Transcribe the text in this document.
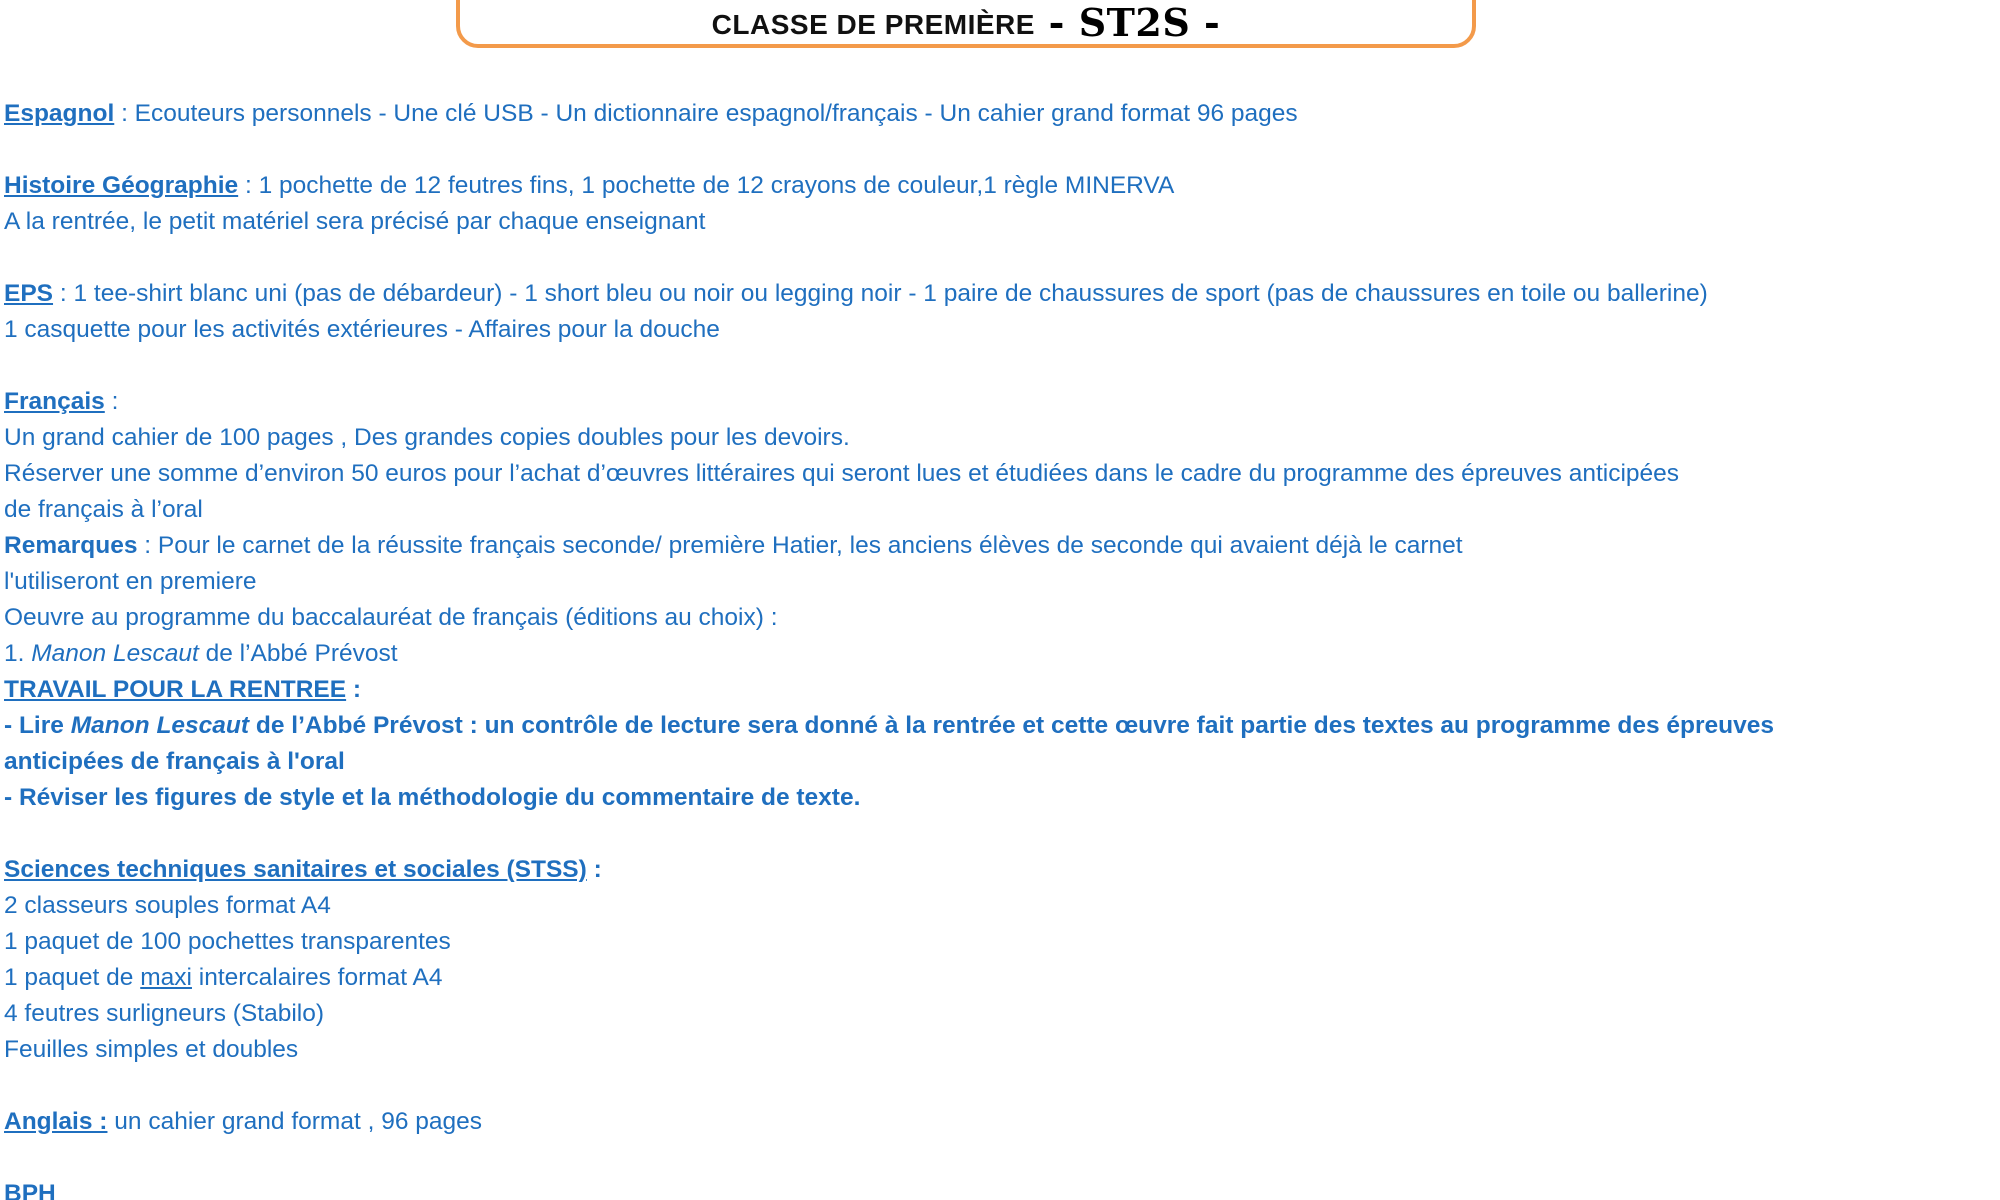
CLASSE DE PREMIÈRE - ST2S -
Espagnol : Ecouteurs personnels - Une clé USB - Un dictionnaire espagnol/français - Un cahier grand format 96 pages
Histoire Géographie : 1 pochette de 12 feutres fins, 1 pochette de 12 crayons de couleur,1 règle MINERVA
A la rentrée, le petit matériel sera précisé par chaque enseignant
EPS : 1 tee-shirt blanc uni (pas de débardeur) - 1 short bleu ou noir ou legging noir - 1 paire de chaussures de sport (pas de chaussures en toile ou ballerine)
1 casquette pour les activités extérieures - Affaires pour la douche
Français :
Un grand cahier de 100 pages , Des grandes copies doubles pour les devoirs.
Réserver une somme d’environ 50 euros pour l’achat d’œuvres littéraires qui seront lues et étudiées dans le cadre du programme des épreuves anticipées
de français à l’oral
Remarques : Pour le carnet de la réussite français seconde/ première Hatier, les anciens élèves de seconde qui avaient déjà le carnet
l'utiliseront en premiere
Oeuvre au programme du baccalauréat de français (éditions au choix) :
1. Manon Lescaut de l’Abbé Prévost
TRAVAIL POUR LA RENTREE :
- Lire Manon Lescaut de l’Abbé Prévost : un contrôle de lecture sera donné à la rentrée et cette œuvre fait partie des textes au programme des épreuves
anticipées de français à l'oral
- Réviser les figures de style et la méthodologie du commentaire de texte.
Sciences techniques sanitaires et sociales (STSS) :
2 classeurs souples format A4
1 paquet de 100 pochettes transparentes
1 paquet de maxi intercalaires format A4
4 feutres surligneurs (Stabilo)
Feuilles simples et doubles
Anglais : un cahier grand format , 96 pages
BPH
